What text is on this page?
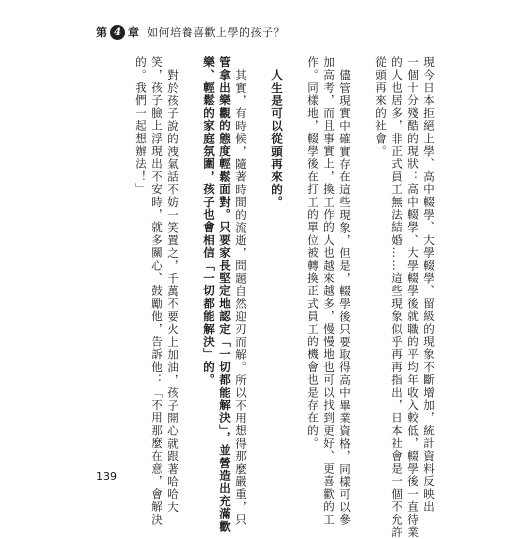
第 4 章 如何培養喜歡上學的孩子？
現今日本拒絕上學、高中輟學、大學輟學、留級的現象不斷增加，統計資料反映出
一個十分殘酷的現狀：高中輟學、大學輟學後就職的平均年收入較低，輟學後一直待業
的人也居多，非正式員工無法結婚……這些現象似乎再再指出，日本社會是一個不允許
從頭再來的社會。
儘管現實中確實存在這些現象，但是，輟學後只要取得高中畢業資格，同樣可以參
加高考，而且事實上，換工作的人也越來越多，慢慢地也可以找到更好、更喜歡的工
作。同樣地，輟學後在打工的單位被轉換正式員工的機會也是存在的。
人生是可以從頭再來的。
其實，有時候，隨著時間的流逝，問題自然迎刃而解。所以不用想得那麼嚴重，只
管拿出樂觀的態度輕鬆面對。只要家長堅定地認定「一切都能解決」，並營造出充滿歡
樂、輕鬆的家庭氛圍，孩子也會相信「一切都能解決」的。
對於孩子說的洩氣話不妨一笑置之，千萬不要火上加油，孩子開心就跟著哈哈大
笑，孩子臉上浮現出不安時，就多關心、鼓勵他，告訴他：「不用那麼在意，會解決
的。我們一起想辦法！」
139
